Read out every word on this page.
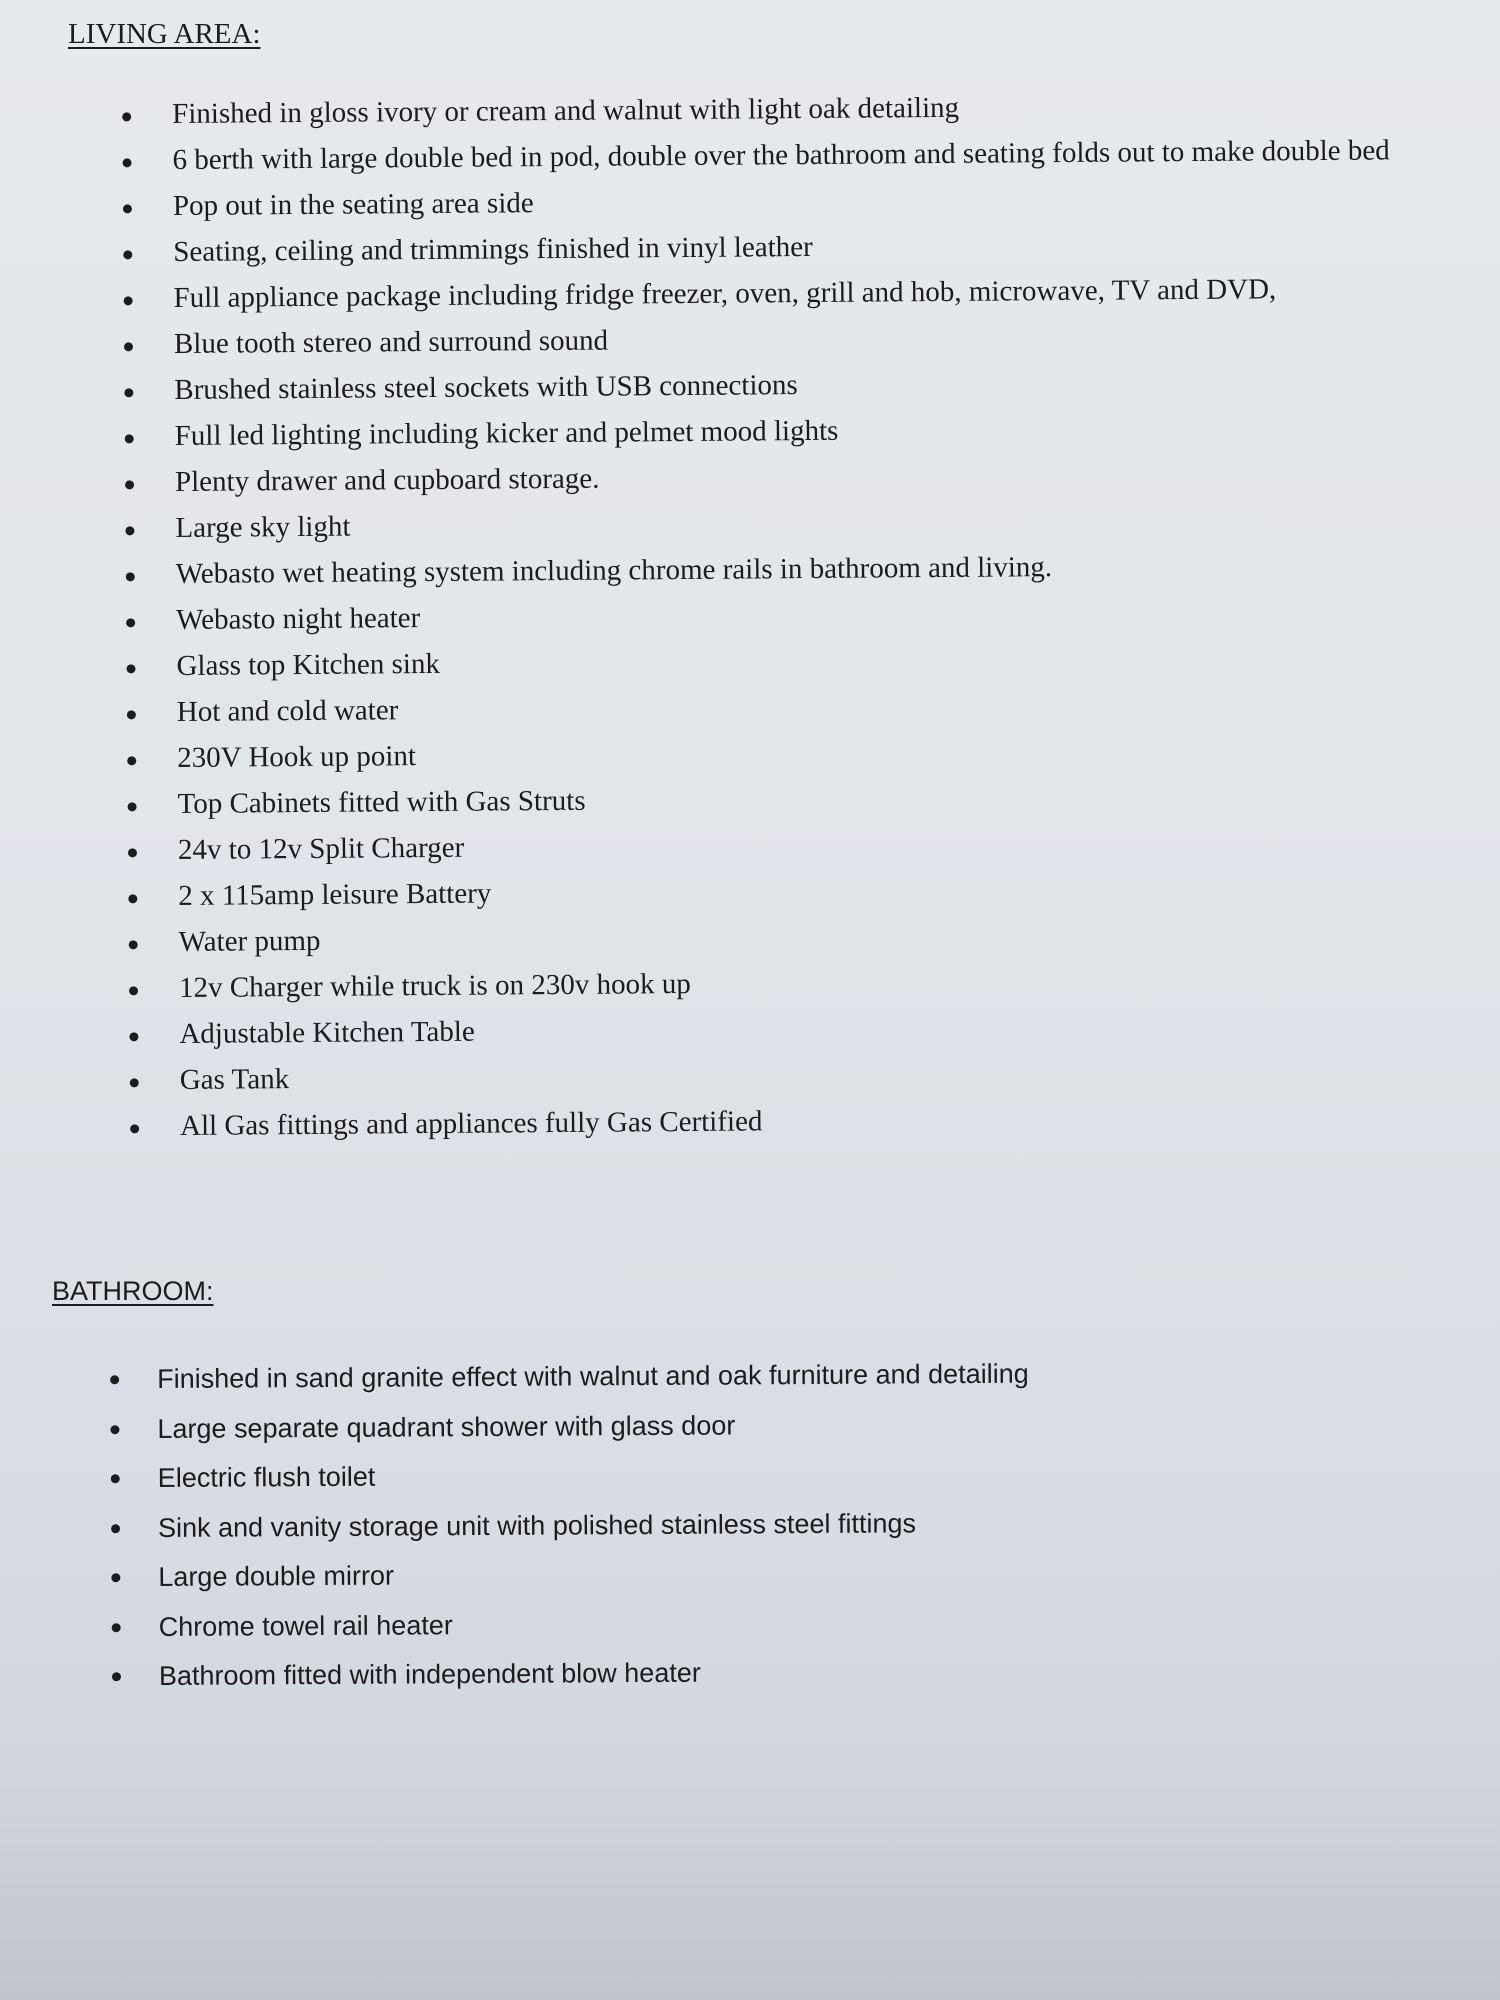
LIVING AREA:
Finished in gloss ivory or cream and walnut with light oak detailing
6 berth with large double bed in pod, double over the bathroom and seating folds out to make double bed
Pop out in the seating area side
Seating, ceiling and trimmings finished in vinyl leather
Full appliance package including fridge freezer, oven, grill and hob, microwave, TV and DVD,
Blue tooth stereo and surround sound
Brushed stainless steel sockets with USB connections
Full led lighting including kicker and pelmet mood lights
Plenty drawer and cupboard storage.
Large sky light
Webasto wet heating system including chrome rails in bathroom and living.
Webasto night heater
Glass top Kitchen sink
Hot and cold water
230V Hook up point
Top Cabinets fitted with Gas Struts
24v to 12v Split Charger
2 x 115amp leisure Battery
Water pump
12v Charger while truck is on 230v hook up
Adjustable Kitchen Table
Gas Tank
All Gas fittings and appliances fully Gas Certified
BATHROOM:
Finished in sand granite effect with walnut and oak furniture and detailing
Large separate quadrant shower with glass door
Electric flush toilet
Sink and vanity storage unit with polished stainless steel fittings
Large double mirror
Chrome towel rail heater
Bathroom fitted with independent blow heater
